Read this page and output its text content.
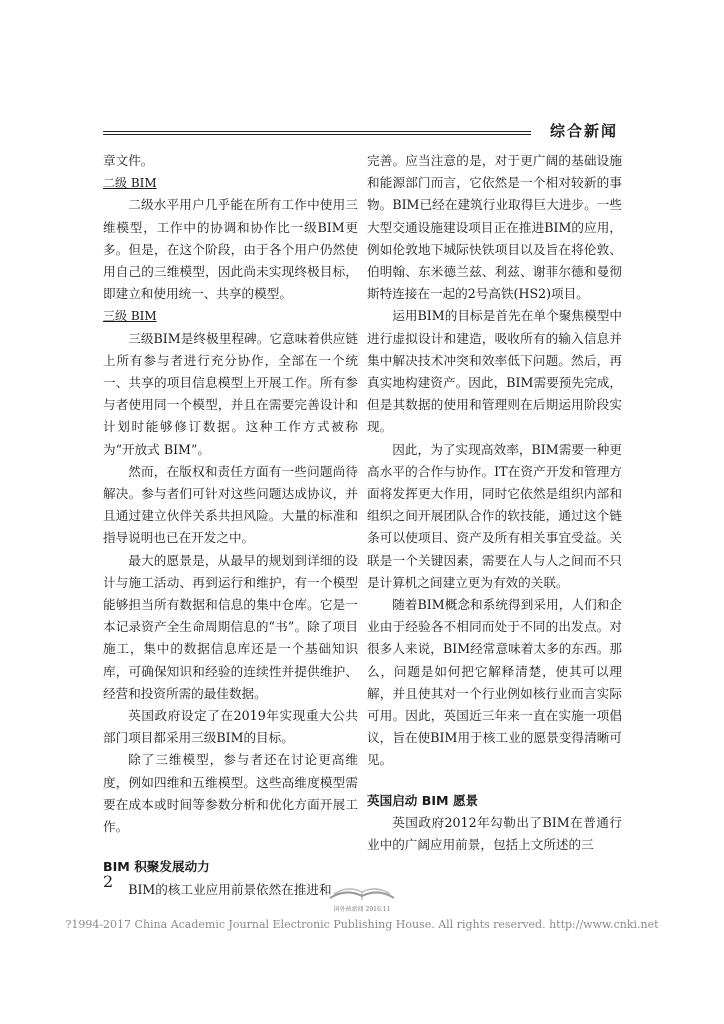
综合新闻

章文件。

二级 BIM

二级水平用户几乎能在所有工作中使用三维模型，工作中的协调和协作比一级BIM更多。但是，在这个阶段，由于各个用户仍然使用自己的三维模型，因此尚未实现终极目标，即建立和使用统一、共享的模型。

三级 BIM

三级BIM是终极里程碑。它意味着供应链上所有参与者进行充分协作，全部在一个统一、共享的项目信息模型上开展工作。所有参与者使用同一个模型，并且在需要完善设计和计划时能够修订数据。这种工作方式被称为“开放式 BIM”。

然而，在版权和责任方面有一些问题尚待解决。参与者们可针对这些问题达成协议，并且通过建立伙伴关系共担风险。大量的标准和指导说明也已在开发之中。

最大的愿景是，从最早的规划到详细的设计与施工活动、再到运行和维护，有一个模型能够担当所有数据和信息的集中仓库。它是一本记录资产全生命周期信息的“书”。除了项目施工，集中的数据信息库还是一个基础知识库，可确保知识和经验的连续性并提供维护、经营和投资所需的最佳数据。

英国政府设定了在2019年实现重大公共部门项目都采用三级BIM的目标。

除了三维模型，参与者还在讨论更高维度，例如四维和五维模型。这些高维度模型需要在成本或时间等参数分析和优化方面开展工作。

BIM 积聚发展动力

BIM的核工业应用前景依然在推进和

完善。应当注意的是，对于更广阔的基础设施和能源部门而言，它依然是一个相对较新的事物。BIM已经在建筑行业取得巨大进步。一些大型交通设施建设项目正在推进BIM的应用，例如伦敦地下城际快铁项目以及旨在将伦敦、伯明翰、东米德兰兹、利兹、谢菲尔德和曼彻斯特连接在一起的2号高铁(HS2)项目。

运用BIM的目标是首先在单个聚焦模型中进行虚拟设计和建造，吸收所有的输入信息并集中解决技术冲突和效率低下问题。然后，再真实地构建资产。因此，BIM需要预先完成，但是其数据的使用和管理则在后期运用阶段实现。

因此，为了实现高效率，BIM需要一种更高水平的合作与协作。IT在资产开发和管理方面将发挥更大作用，同时它依然是组织内部和组织之间开展团队合作的软技能，通过这个链条可以使项目、资产及所有相关事宜受益。关联是一个关键因素，需要在人与人之间而不只是计算机之间建立更为有效的关联。

随着BIM概念和系统得到采用，人们和企业由于经验各不相同而处于不同的出发点。对很多人来说，BIM经常意味着太多的东西。那么，问题是如何把它解释清楚，使其可以理解，并且使其对一个行业例如核行业而言实际可用。因此，英国近三年来一直在实施一项倡议，旨在使BIM用于核工业的愿景变得清晰可见。

英国启动 BIM 愿景

英国政府2012年勾勒出了BIM在普通行业中的广阔应用前景，包括上文所述的三

2
国外核新闻 2016.11
?1994-2017 China Academic Journal Electronic Publishing House. All rights reserved. http://www.cnki.net
